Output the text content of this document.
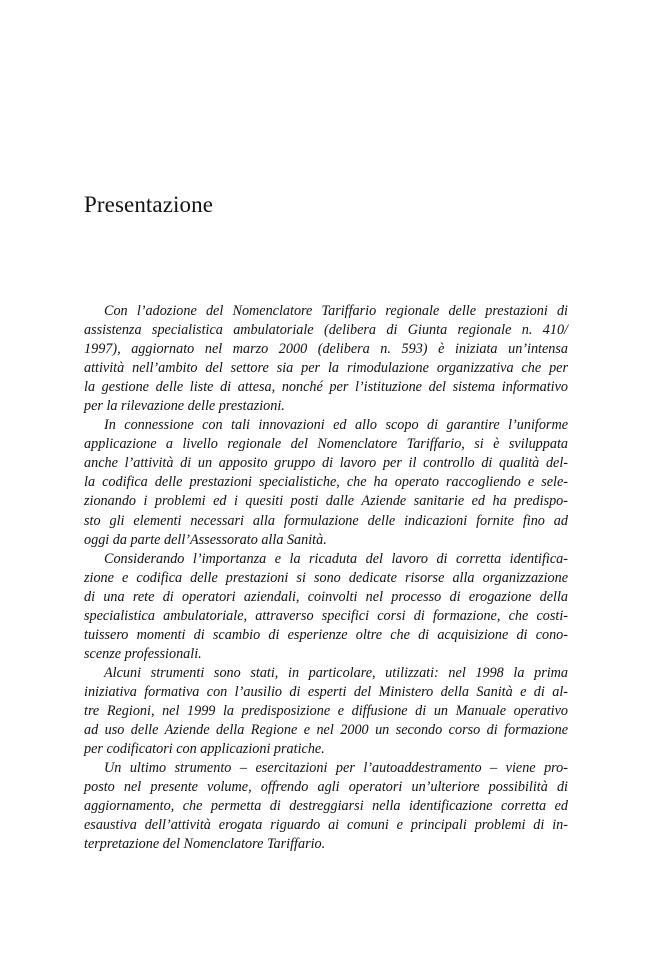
Presentazione

Con l’adozione del Nomenclatore Tariffario regionale delle prestazioni di
assistenza specialistica ambulatoriale (delibera di Giunta regionale n. 410/
1997), aggiornato nel marzo 2000 (delibera n. 593) è iniziata un’intensa
attività nell’ambito del settore sia per la rimodulazione organizzativa che per
la gestione delle liste di attesa, nonché per l’istituzione del sistema informativo
per la rilevazione delle prestazioni.

In connessione con tali innovazioni ed allo scopo di garantire l’uniforme
applicazione a livello regionale del Nomenclatore Tariffario, si è sviluppata
anche l’attività di un apposito gruppo di lavoro per il controllo di qualità del-
la codifica delle prestazioni specialistiche, che ha operato raccogliendo e sele-
zionando i problemi ed i quesiti posti dalle Aziende sanitarie ed ha predispo-
sto gli elementi necessari alla formulazione delle indicazioni fornite fino ad
oggi da parte dell’Assessorato alla Sanità.

Considerando l’importanza e la ricaduta del lavoro di corretta identifica-
zione e codifica delle prestazioni si sono dedicate risorse alla organizzazione
di una rete di operatori aziendali, coinvolti nel processo di erogazione della
specialistica ambulatoriale, attraverso specifici corsi di formazione, che costi-
tuissero momenti di scambio di esperienze oltre che di acquisizione di cono-
scenze professionali.

Alcuni strumenti sono stati, in particolare, utilizzati: nel 1998 la prima
iniziativa formativa con l’ausilio di esperti del Ministero della Sanità e di al-
tre Regioni, nel 1999 la predisposizione e diffusione di un Manuale operativo
ad uso delle Aziende della Regione e nel 2000 un secondo corso di formazione
per codificatori con applicazioni pratiche.

Un ultimo strumento – esercitazioni per l’autoaddestramento – viene pro-
posto nel presente volume, offrendo agli operatori un’ulteriore possibilità di
aggiornamento, che permetta di destreggiarsi nella identificazione corretta ed
esaustiva dell’attività erogata riguardo ai comuni e principali problemi di in-
terpretazione del Nomenclatore Tariffario.
